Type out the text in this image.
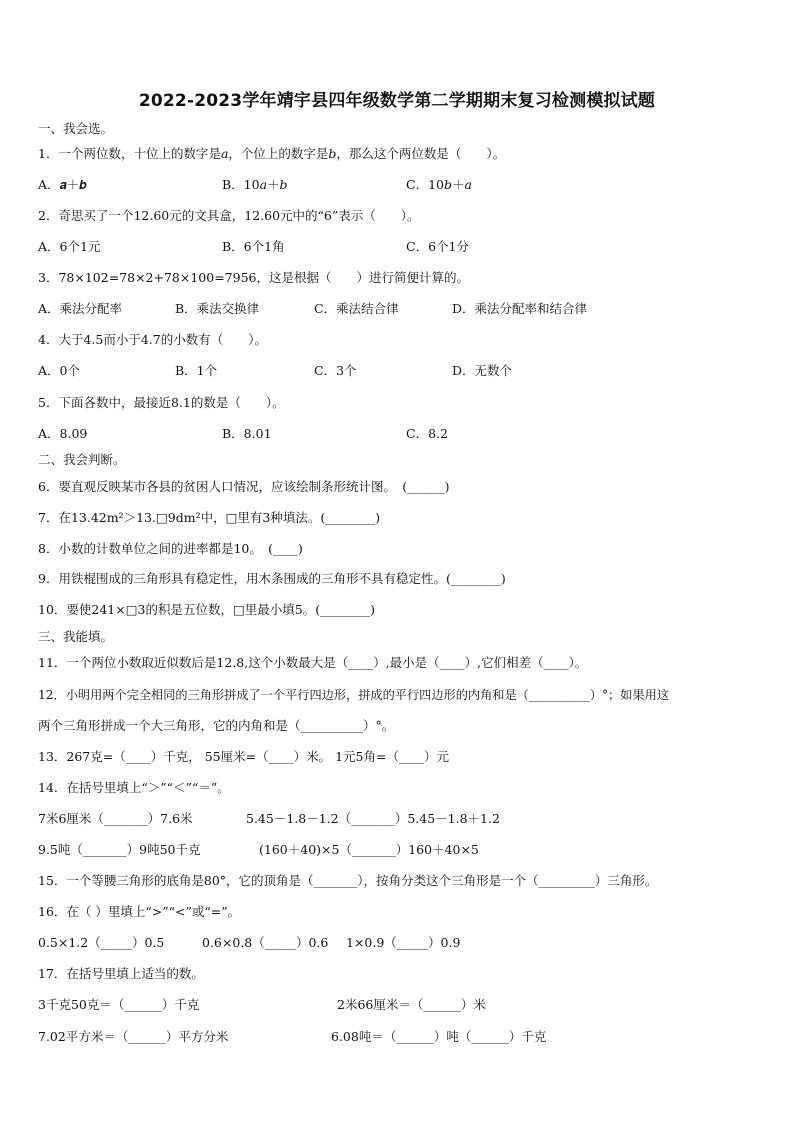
2022-2023学年靖宇县四年级数学第二学期期末复习检测模拟试题
一、我会选。
1．一个两位数，十位上的数字是𝑎，个位上的数字是𝑏，那么这个两位数是（　　）。
A．𝒂＋𝒃	B．10𝑎＋𝑏	C．10𝑏＋𝑎
2．奇思买了一个12.60元的文具盒，12.60元中的“6”表示（　　）。
A．6个1元	B．6个1角	C．6个1分
3．78×102=78×2+78×100=7956，这是根据（　　）进行简便计算的。
A．乘法分配率	B．乘法交换律	C．乘法结合律	D．乘法分配率和结合律
4．大于4.5而小于4.7的小数有（　　）。
A．0个	B．1个	C．3个	D．无数个
5．下面各数中，最接近8.1的数是（　　）。
A．8.09	B．8.01	C．8.2
二、我会判断。
6．要直观反映某市各县的贫困人口情况，应该绘制条形统计图。　(______)
7．在13.42m²＞13.□9dm²中，□里有3种填法。(________)
8．小数的计数单位之间的进率都是10。　(____)
9．用铁棍围成的三角形具有稳定性，用木条围成的三角形不具有稳定性。(________)
10．要使241×□3的积是五位数，□里最小填5。(________)
三、我能填。
11．一个两位小数取近似数后是12.8,这个小数最大是（____）,最小是（____）,它们相差（____）。
12．小明用两个完全相同的三角形拼成了一个平行四边形，拼成的平行四边形的内角和是（__________）°；如果用这
两个三角形拼成一个大三角形，它的内角和是（__________）°。
13．267克=（____）千克， 55厘米=（____）米。 1元5角=（____）元
14．在括号里填上“＞”“＜”“＝”。
7米6厘米（_______）7.6米	5.45－1.8－1.2（_______）5.45－1.8＋1.2
9.5吨（_______）9吨50千克	(160＋40)×5（_______）160＋40×5
15．一个等腰三角形的底角是80°，它的顶角是（_______），按角分类这个三角形是一个（_________）三角形。
16．在（ ）里填上“>”“<”或“=”。
0.5×1.2（_____）0.5	0.6×0.8（_____）0.6 1×0.9（_____）0.9
17．在括号里填上适当的数。
3千克50克＝（______）千克	2米66厘米＝（______）米
7.02平方米＝（______）平方分米	6.08吨＝（______）吨（______）千克
